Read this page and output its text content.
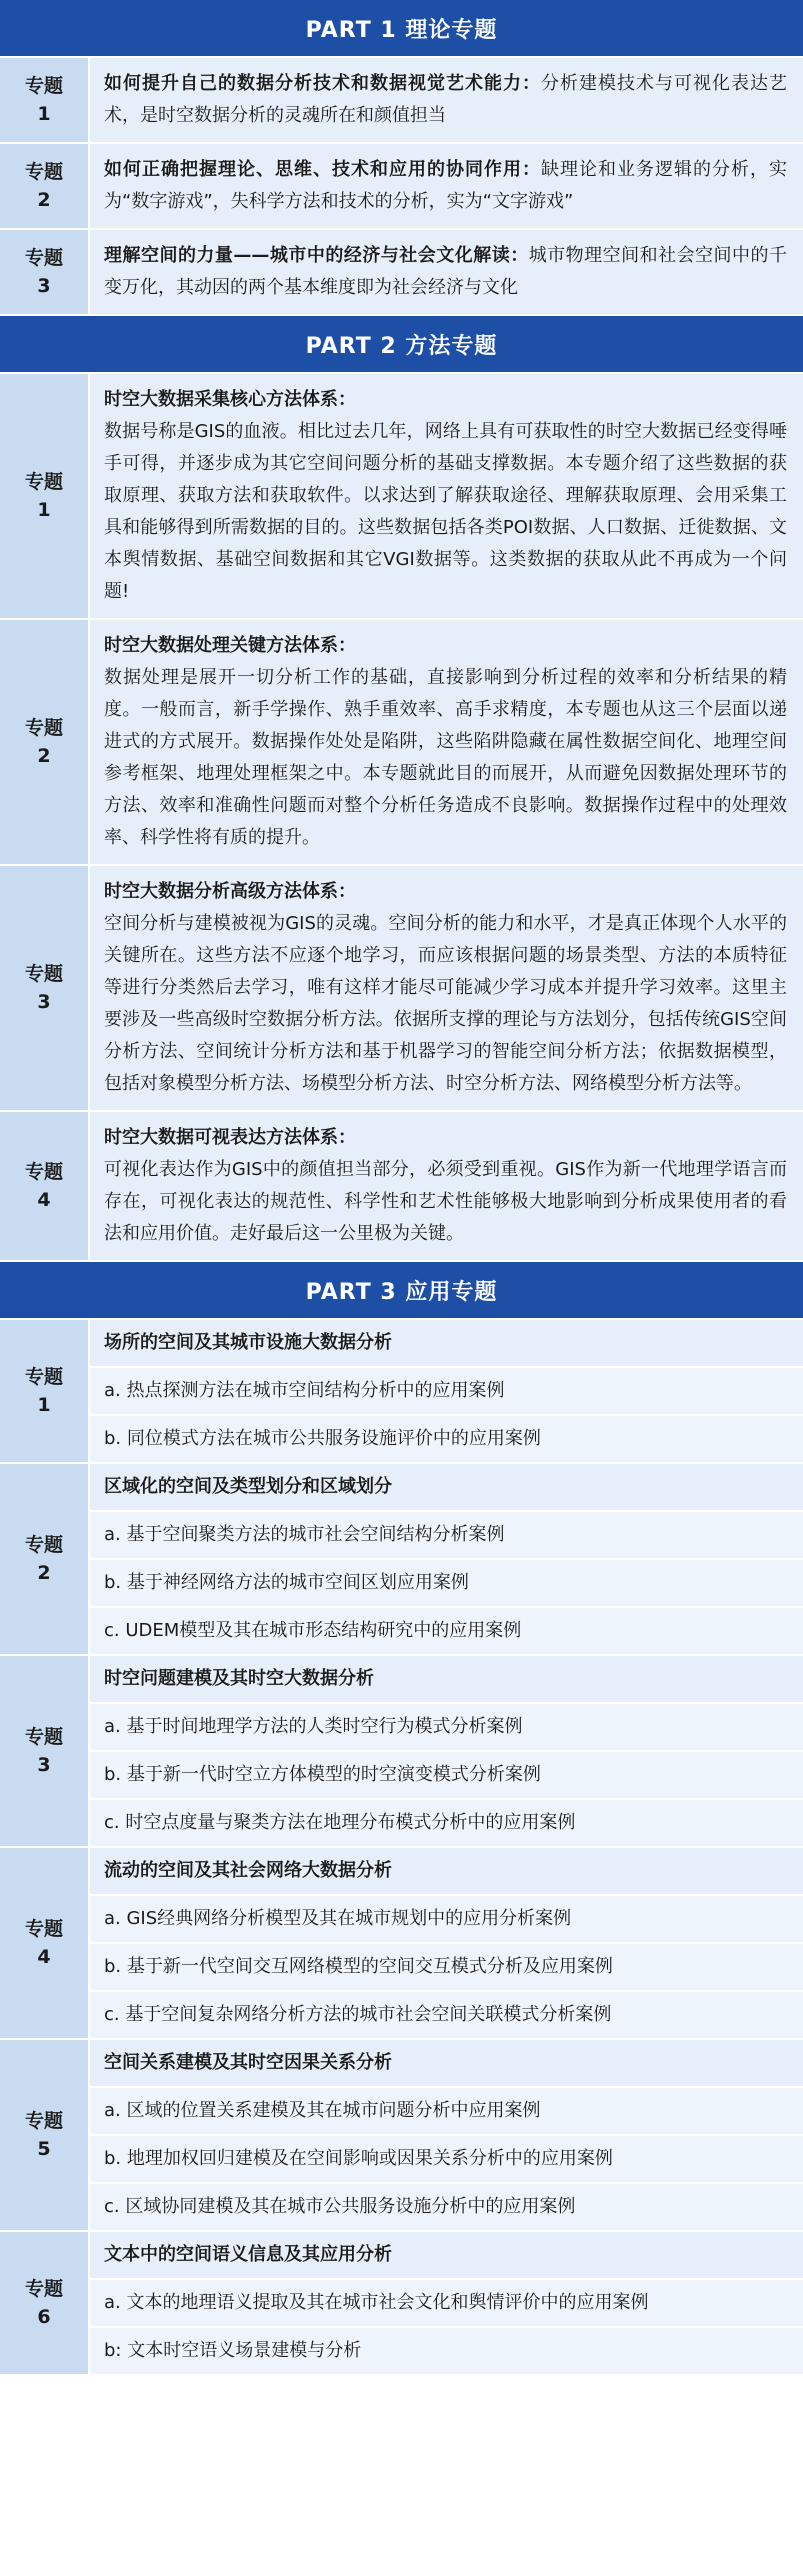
PART 1 理论专题
专题
1
如何提升自己的数据分析技术和数据视觉艺术能力：分析建模技术与可视化表达艺术，是时空数据分析的灵魂所在和颜值担当
专题
2
如何正确把握理论、思维、技术和应用的协同作用：缺理论和业务逻辑的分析，实为“数字游戏”，失科学方法和技术的分析，实为“文字游戏”
专题
3
理解空间的力量——城市中的经济与社会文化解读：城市物理空间和社会空间中的千变万化，其动因的两个基本维度即为社会经济与文化
PART 2 方法专题
专题
1
时空大数据采集核心方法体系：
数据号称是GIS的血液。相比过去几年，网络上具有可获取性的时空大数据已经变得唾手可得，并逐步成为其它空间问题分析的基础支撑数据。本专题介绍了这些数据的获取原理、获取方法和获取软件。以求达到了解获取途径、理解获取原理、会用采集工具和能够得到所需数据的目的。这些数据包括各类POI数据、人口数据、迁徙数据、文本舆情数据、基础空间数据和其它VGI数据等。这类数据的获取从此不再成为一个问题!
专题
2
时空大数据处理关键方法体系：
数据处理是展开一切分析工作的基础，直接影响到分析过程的效率和分析结果的精度。一般而言，新手学操作、熟手重效率、高手求精度，本专题也从这三个层面以递进式的方式展开。数据操作处处是陷阱，这些陷阱隐藏在属性数据空间化、地理空间参考框架、地理处理框架之中。本专题就此目的而展开，从而避免因数据处理环节的方法、效率和准确性问题而对整个分析任务造成不良影响。数据操作过程中的处理效率、科学性将有质的提升。
专题
3
时空大数据分析高级方法体系：
空间分析与建模被视为GIS的灵魂。空间分析的能力和水平，才是真正体现个人水平的关键所在。这些方法不应逐个地学习，而应该根据问题的场景类型、方法的本质特征等进行分类然后去学习，唯有这样才能尽可能减少学习成本并提升学习效率。这里主要涉及一些高级时空数据分析方法。依据所支撑的理论与方法划分，包括传统GIS空间分析方法、空间统计分析方法和基于机器学习的智能空间分析方法；依据数据模型，包括对象模型分析方法、场模型分析方法、时空分析方法、网络模型分析方法等。
专题
4
时空大数据可视表达方法体系：
可视化表达作为GIS中的颜值担当部分，必须受到重视。GIS作为新一代地理学语言而存在，可视化表达的规范性、科学性和艺术性能够极大地影响到分析成果使用者的看法和应用价值。走好最后这一公里极为关键。
PART 3 应用专题
专题
1
场所的空间及其城市设施大数据分析
a. 热点探测方法在城市空间结构分析中的应用案例
b. 同位模式方法在城市公共服务设施评价中的应用案例
专题
2
区域化的空间及类型划分和区域划分
a. 基于空间聚类方法的城市社会空间结构分析案例
b. 基于神经网络方法的城市空间区划应用案例
c. UDEM模型及其在城市形态结构研究中的应用案例
专题
3
时空问题建模及其时空大数据分析
a. 基于时间地理学方法的人类时空行为模式分析案例
b. 基于新一代时空立方体模型的时空演变模式分析案例
c. 时空点度量与聚类方法在地理分布模式分析中的应用案例
专题
4
流动的空间及其社会网络大数据分析
a. GIS经典网络分析模型及其在城市规划中的应用分析案例
b. 基于新一代空间交互网络模型的空间交互模式分析及应用案例
c. 基于空间复杂网络分析方法的城市社会空间关联模式分析案例
专题
5
空间关系建模及其时空因果关系分析
a. 区域的位置关系建模及其在城市问题分析中应用案例
b. 地理加权回归建模及在空间影响或因果关系分析中的应用案例
c. 区域协同建模及其在城市公共服务设施分析中的应用案例
专题
6
文本中的空间语义信息及其应用分析
a. 文本的地理语义提取及其在城市社会文化和舆情评价中的应用案例
b: 文本时空语义场景建模与分析
